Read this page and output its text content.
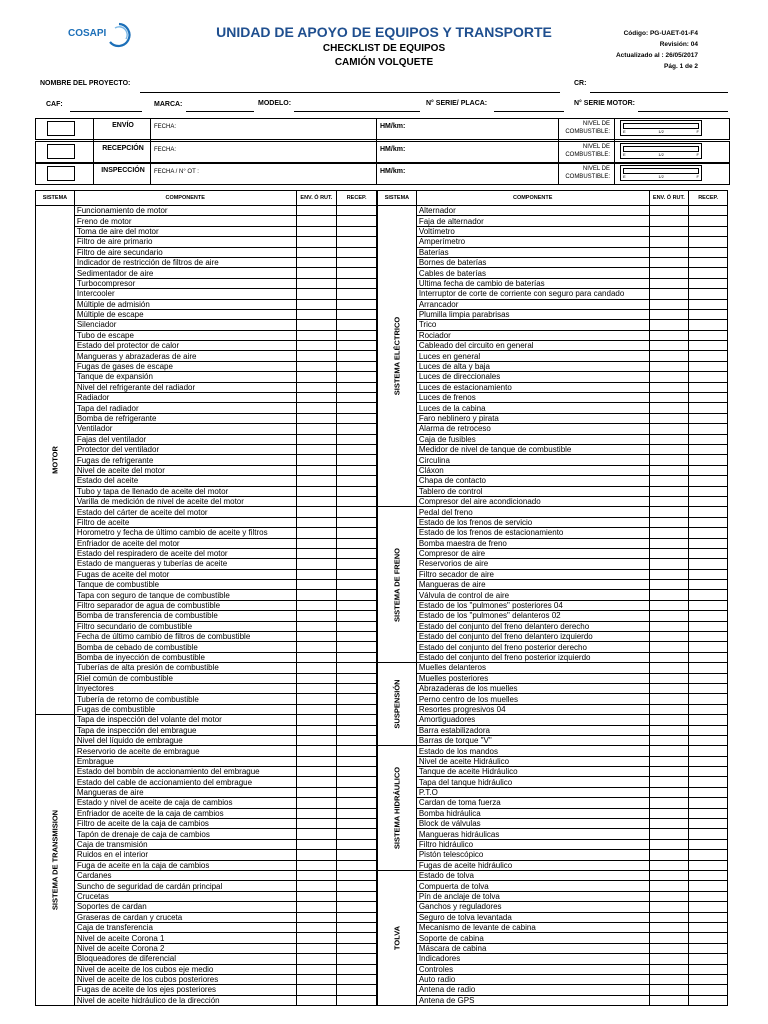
COSAPI	UNIDAD DE APOYO DE EQUIPOS Y TRANSPORTE
CHECKLIST DE EQUIPOS
CAMIÓN VOLQUETE
Código: PG-UAET-01-F4
Revisión: 04
Actualizado al : 26/05/2017
Pág. 1 de 2
NOMBRE DEL PROYECTO:	CR:
CAF:	MARCA:	MODELO:	N° SERIE/ PLACA:	N° SERIE MOTOR:
ENVÍO	FECHA:	HM/km:	NIVEL DE COMBUSTIBLE:	E	1/2	F
RECEPCIÓN	FECHA:	HM/km:	NIVEL DE COMBUSTIBLE:	E	1/2	F
INSPECCIÓN	FECHA / N° OT :	HM/km:	NIVEL DE COMBUSTIBLE:	E	1/2	F
SISTEMA	COMPONENTE	ENV. Ó RUT.	RECEP.

MOTOR	Funcionamiento de motor		
	Freno de motor		
	Toma de aire del motor		
	Filtro de aire primario		
	Filtro de aire secundario		
	Indicador de restricción de filtros de aire		
	Sedimentador de aire		
	Turbocompresor		
	Intercooler		
	Múltiple de admisión		
	Múltiple de escape		
	Silenciador		
	Tubo de escape		
	Estado del protector de calor		
	Mangueras y abrazaderas de aire		
	Fugas de gases de escape		
	Tanque de expansión		
	Nivel del refrigerante del radiador		
	Radiador		
	Tapa del radiador		
	Bomba de refrigerante		
	Ventilador		
	Fajas del ventilador		
	Protector del ventilador		
	Fugas de refrigerante		
	Nivel de aceite del motor		
	Estado del aceite		
	Tubo y tapa de llenado de aceite del motor		
	Varilla de medición de nivel de aceite del motor		
	Estado del cárter de aceite del motor		
	Filtro de aceite		
	Horometro y fecha de último cambio de aceite y filtros		
	Enfriador de aceite del motor		
	Estado del respiradero de aceite del motor		
	Estado de mangueras y tuberías de aceite		
	Fugas de aceite del motor		
	Tanque de combustible		
	Tapa con seguro de tanque de combustible		
	Filtro separador de agua de combustible		
	Bomba de transferencia de combustible		
	Filtro secundario de combustible		
	Fecha de último cambio de filtros de combustible		
	Bomba de cebado de combustible		
	Bomba de inyección de combustible		
	Tuberías de alta presión de combustible		
	Riel común de combustible		
	Inyectores		
	Tubería de retorno de combustible		
	Fugas de combustible		

SISTEMA DE TRANSMISION	Tapa de inspección del volante del motor		
	Tapa de inspección del embrague		
	Nivel del líquido de embrague		
	Reservorio de aceite de embrague		
	Embrague		
	Estado del bombín de accionamiento del embrague		
	Estado del cable de accionamiento del embrague		
	Mangueras de aire		
	Estado y nivel de aceite de caja de cambios		
	Enfriador de aceite de la caja de cambios		
	Filtro de aceite de la caja de cambios		
	Tapón de drenaje de caja de cambios		
	Caja de transmisión		
	Ruidos en el interior		
	Fuga de aceite en la caja de cambios		
	Cardanes		
	Suncho de seguridad de cardán principal		
	Crucetas		
	Soportes de cardan		
	Graseras de cardan y cruceta		
	Caja de transferencia		
	Nivel de aceite Corona 1		
	Nivel de aceite Corona 2		
	Bloqueadores de diferencial		
	Nivel de aceite de los cubos eje medio		
	Nivel de aceite de los cubos posteriores		
	Fugas de aceite de los ejes posteriores		
	Nivel de aceite hidráulico de la dirección		
SISTEMA	COMPONENTE	ENV. Ó RUT.	RECEP.

SISTEMA ELÉCTRICO	Alternador		
	Faja de alternador		
	Voltímetro		
	Amperímetro		
	Baterías		
	Bornes de baterías		
	Cables de baterías		
	Ultima fecha de cambio de baterías		
	Interruptor de corte de corriente con seguro para candado		
	Arrancador		
	Plumilla limpia parabrisas		
	Trico		
	Rociador		
	Cableado del circuito en general		
	Luces en general		
	Luces de alta y baja		
	Luces de direccionales		
	Luces de estacionamiento		
	Luces de frenos		
	Luces de la cabina		
	Faro neblinero y pirata		
	Alarma de retroceso		
	Caja de fusibles		
	Medidor de nivel de tanque de combustible		
	Circulina		
	Cláxon		
	Chapa de contacto		
	Tablero de control		
	Compresor del aire acondicionado		

SISTEMA DE FRENO	Pedal del freno		
	Estado de los frenos de servicio		
	Estado de los frenos de estacionamiento		
	Bomba maestra de freno		
	Compresor de aire		
	Reservorios de aire		
	Filtro secador de aire		
	Mangueras de aire		
	Válvula de control de aire		
	Estado de los "pulmones" posteriores 04		
	Estado de los "pulmones" delanteros 02		
	Estado del conjunto del freno delantero derecho		
	Estado del conjunto del freno delantero izquierdo		
	Estado del conjunto del freno posterior derecho		
	Estado del conjunto del freno posterior izquierdo		

SUSPENSIÓN	Muelles delanteros		
	Muelles posteriores		
	Abrazaderas de los muelles		
	Perno centro de los muelles		
	Resortes progresivos 04		
	Amortiguadores		
	Barra estabilizadora		
	Barras de torque "V"		

SISTEMA HIDRÁULICO	Estado de los mandos		
	Nivel de aceite Hidráulico		
	Tanque de aceite Hidráulico		
	Tapa del tanque hidráulico		
	P.T.O		
	Cardan de toma fuerza		
	Bomba hidráulica		
	Block de válvulas		
	Mangueras hidráulicas		
	Filtro hidráulico		
	Pistón telescópico		
	Fugas de aceite hidráulico		

TOLVA	Estado de tolva		
	Compuerta de tolva		
	Pín de anclaje de tolva		
	Ganchos y reguladores		
	Seguro de tolva levantada		
	Mecanismo de levante de cabina		
	Soporte de cabina		
	Máscara de cabina		
	Indicadores		
	Controles		
	Auto radio		
	Antena de radio		
	Antena de GPS		
